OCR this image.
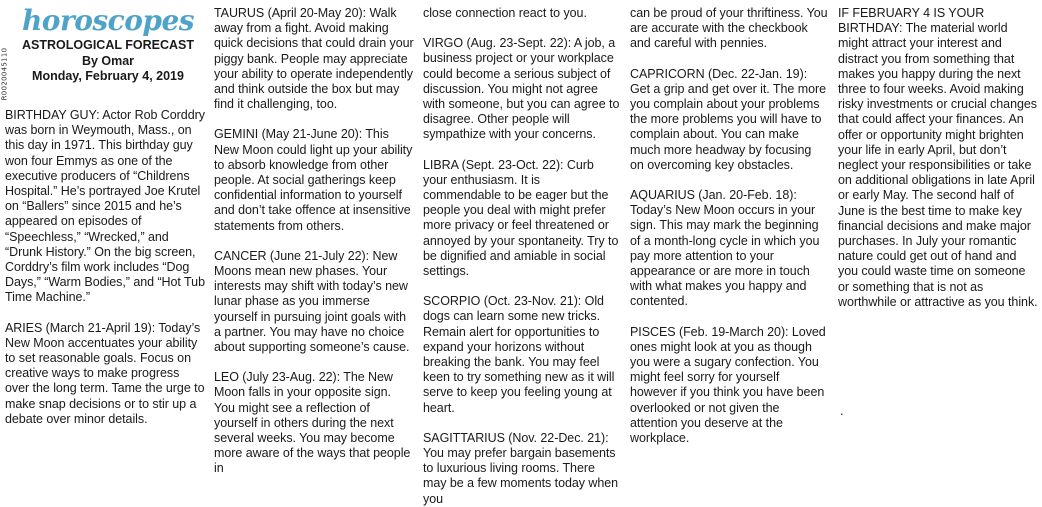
horoscopes
ASTROLOGICAL FORECAST
By Omar
Monday, February 4, 2019
R0020045110

BIRTHDAY GUY: Actor Rob Corddry was born in Weymouth, Mass., on this day in 1971. This birthday guy won four Emmys as one of the executive producers of “Childrens Hospital.” He’s portrayed Joe Krutel on “Ballers” since 2015 and he’s appeared on episodes of “Speechless,” “Wrecked,” and “Drunk History.” On the big screen, Corddry’s film work includes “Dog Days,” “Warm Bodies,” and “Hot Tub Time Machine.”

ARIES (March 21-April 19): Today’s New Moon accentuates your ability to set reasonable goals. Focus on creative ways to make progress over the long term. Tame the urge to make snap decisions or to stir up a debate over minor details.

TAURUS (April 20-May 20): Walk away from a fight. Avoid making quick decisions that could drain your piggy bank. People may appreciate your ability to operate independently and think outside the box but may find it challenging, too.

GEMINI (May 21-June 20): This New Moon could light up your ability to absorb knowledge from other people. At social gatherings keep confidential information to yourself and don’t take offence at insensitive statements from others.

CANCER (June 21-July 22): New Moons mean new phases. Your interests may shift with today’s new lunar phase as you immerse yourself in pursuing joint goals with a partner. You may have no choice about supporting someone’s cause.

LEO (July 23-Aug. 22): The New Moon falls in your opposite sign. You might see a reflection of yourself in others during the next several weeks. You may become more aware of the ways that people in

close connection react to you.

VIRGO (Aug. 23-Sept. 22): A job, a business project or your workplace could become a serious subject of discussion. You might not agree with someone, but you can agree to disagree. Other people will sympathize with your concerns.

LIBRA (Sept. 23-Oct. 22): Curb your enthusiasm. It is commendable to be eager but the people you deal with might prefer more privacy or feel threatened or annoyed by your spontaneity. Try to be dignified and amiable in social settings.

SCORPIO (Oct. 23-Nov. 21): Old dogs can learn some new tricks. Remain alert for opportunities to expand your horizons without breaking the bank. You may feel keen to try something new as it will serve to keep you feeling young at heart.

SAGITTARIUS (Nov. 22-Dec. 21): You may prefer bargain basements to luxurious living rooms. There may be a few moments today when you

can be proud of your thriftiness. You are accurate with the checkbook and careful with pennies.

CAPRICORN (Dec. 22-Jan. 19): Get a grip and get over it. The more you complain about your problems the more problems you will have to complain about. You can make much more headway by focusing on overcoming key obstacles.

AQUARIUS (Jan. 20-Feb. 18): Today’s New Moon occurs in your sign. This may mark the beginning of a month-long cycle in which you pay more attention to your appearance or are more in touch with what makes you happy and contented.

PISCES (Feb. 19-March 20): Loved ones might look at you as though you were a sugary confection. You might feel sorry for yourself however if you think you have been overlooked or not given the attention you deserve at the workplace.

IF FEBRUARY 4 IS YOUR BIRTHDAY: The material world might attract your interest and distract you from something that makes you happy during the next three to four weeks. Avoid making risky investments or crucial changes that could affect your finances. An offer or opportunity might brighten your life in early April, but don’t neglect your responsibilities or take on additional obligations in late April or early May. The second half of June is the best time to make key financial decisions and make major purchases. In July your romantic nature could get out of hand and you could waste time on someone or something that is not as worthwhile or attractive as you think.

.
